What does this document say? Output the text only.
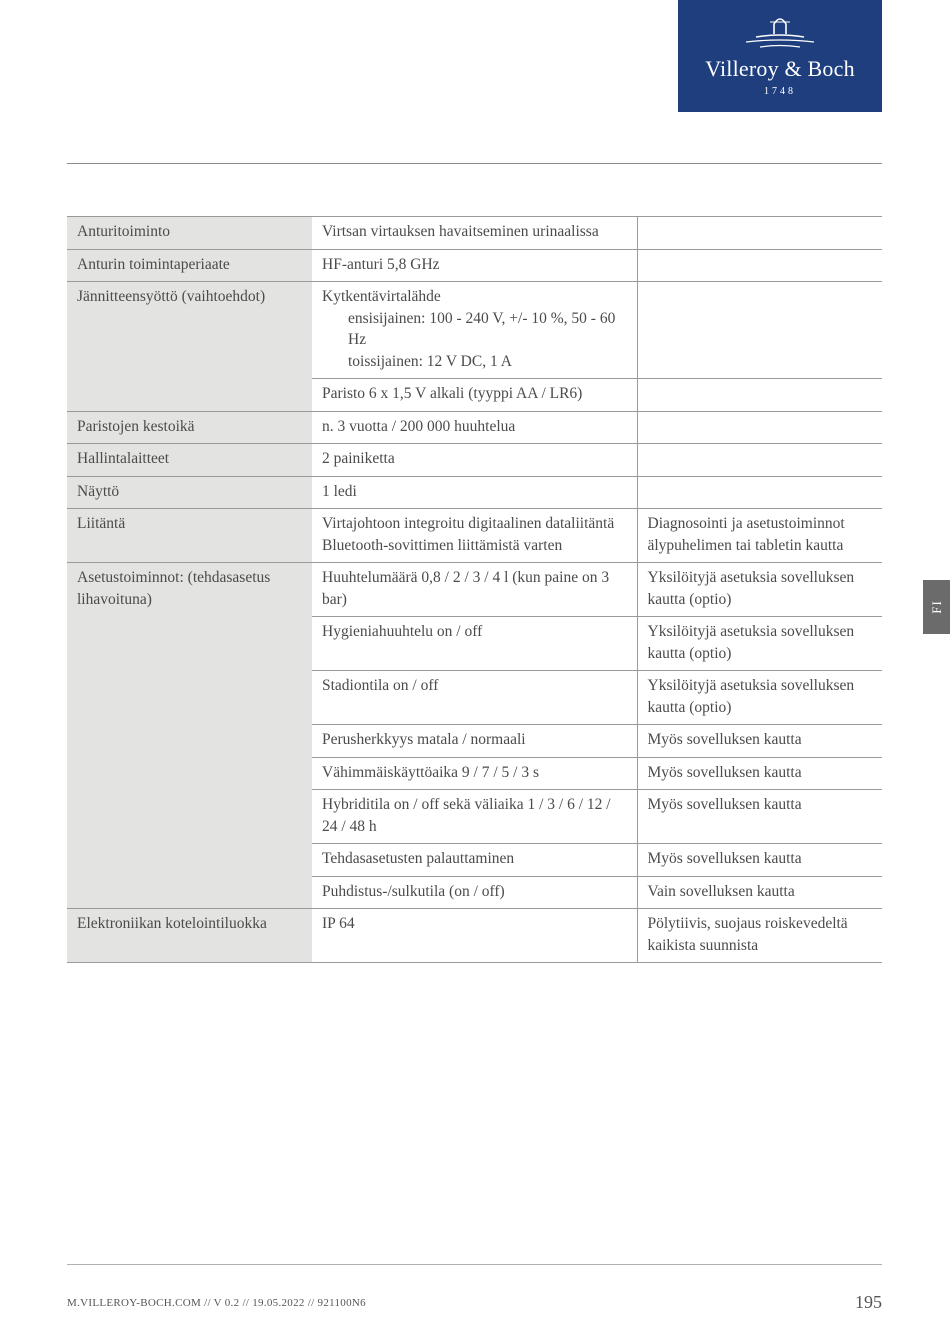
Villeroy & Boch
1748
Anturitoiminto	Virtsan virtauksen havaitseminen urinaalissa	
Anturin toimintaperiaate	HF-anturi 5,8 GHz	
Jännitteensyöttö (vaihtoehdot)	Kytkentävirtalähde
ensisijainen: 100 - 240 V, +/- 10 %, 50 - 60 Hz
toissijainen: 12 V DC, 1 A	

	Paristo 6 x 1,5 V alkali (tyyppi AA / LR6)	
Paristojen kestoikä	n. 3 vuotta / 200 000 huuhtelua	
Hallintalaitteet	2 painiketta	
Näyttö	1 ledi	
Liitäntä	Virtajohtoon integroitu digitaalinen dataliitäntä Bluetooth-sovittimen liittämistä varten	Diagnosointi ja asetustoiminnot älypuhelimen tai tabletin kautta
Asetustoiminnot: (tehdasasetus lihavoituna)	Huuhtelumäärä 0,8 / 2 / 3 / 4 l (kun paine on 3 bar)	Yksilöityjä asetuksia sovelluksen kautta (optio)
	Hygieniahuuhtelu on / off	Yksilöityjä asetuksia sovelluksen kautta (optio)
	Stadiontila on / off	Yksilöityjä asetuksia sovelluksen kautta (optio)
	Perusherkkyys matala / normaali	Myös sovelluksen kautta
	Vähimmäiskäyttöaika 9 / 7 / 5 / 3 s	Myös sovelluksen kautta
	Hybriditila on / off sekä väliaika 1 / 3 / 6 / 12 / 24 / 48 h	Myös sovelluksen kautta
	Tehdasasetusten palauttaminen	Myös sovelluksen kautta
	Puhdistus-/sulkutila (on / off)	Vain sovelluksen kautta
Elektroniikan kotelointiluokka	IP 64	Pölytiivis, suojaus roiskevedeltä kaikista suunnista
FI
M.VILLEROY-BOCH.COM // V 0.2 // 19.05.2022 // 921100N6	195
